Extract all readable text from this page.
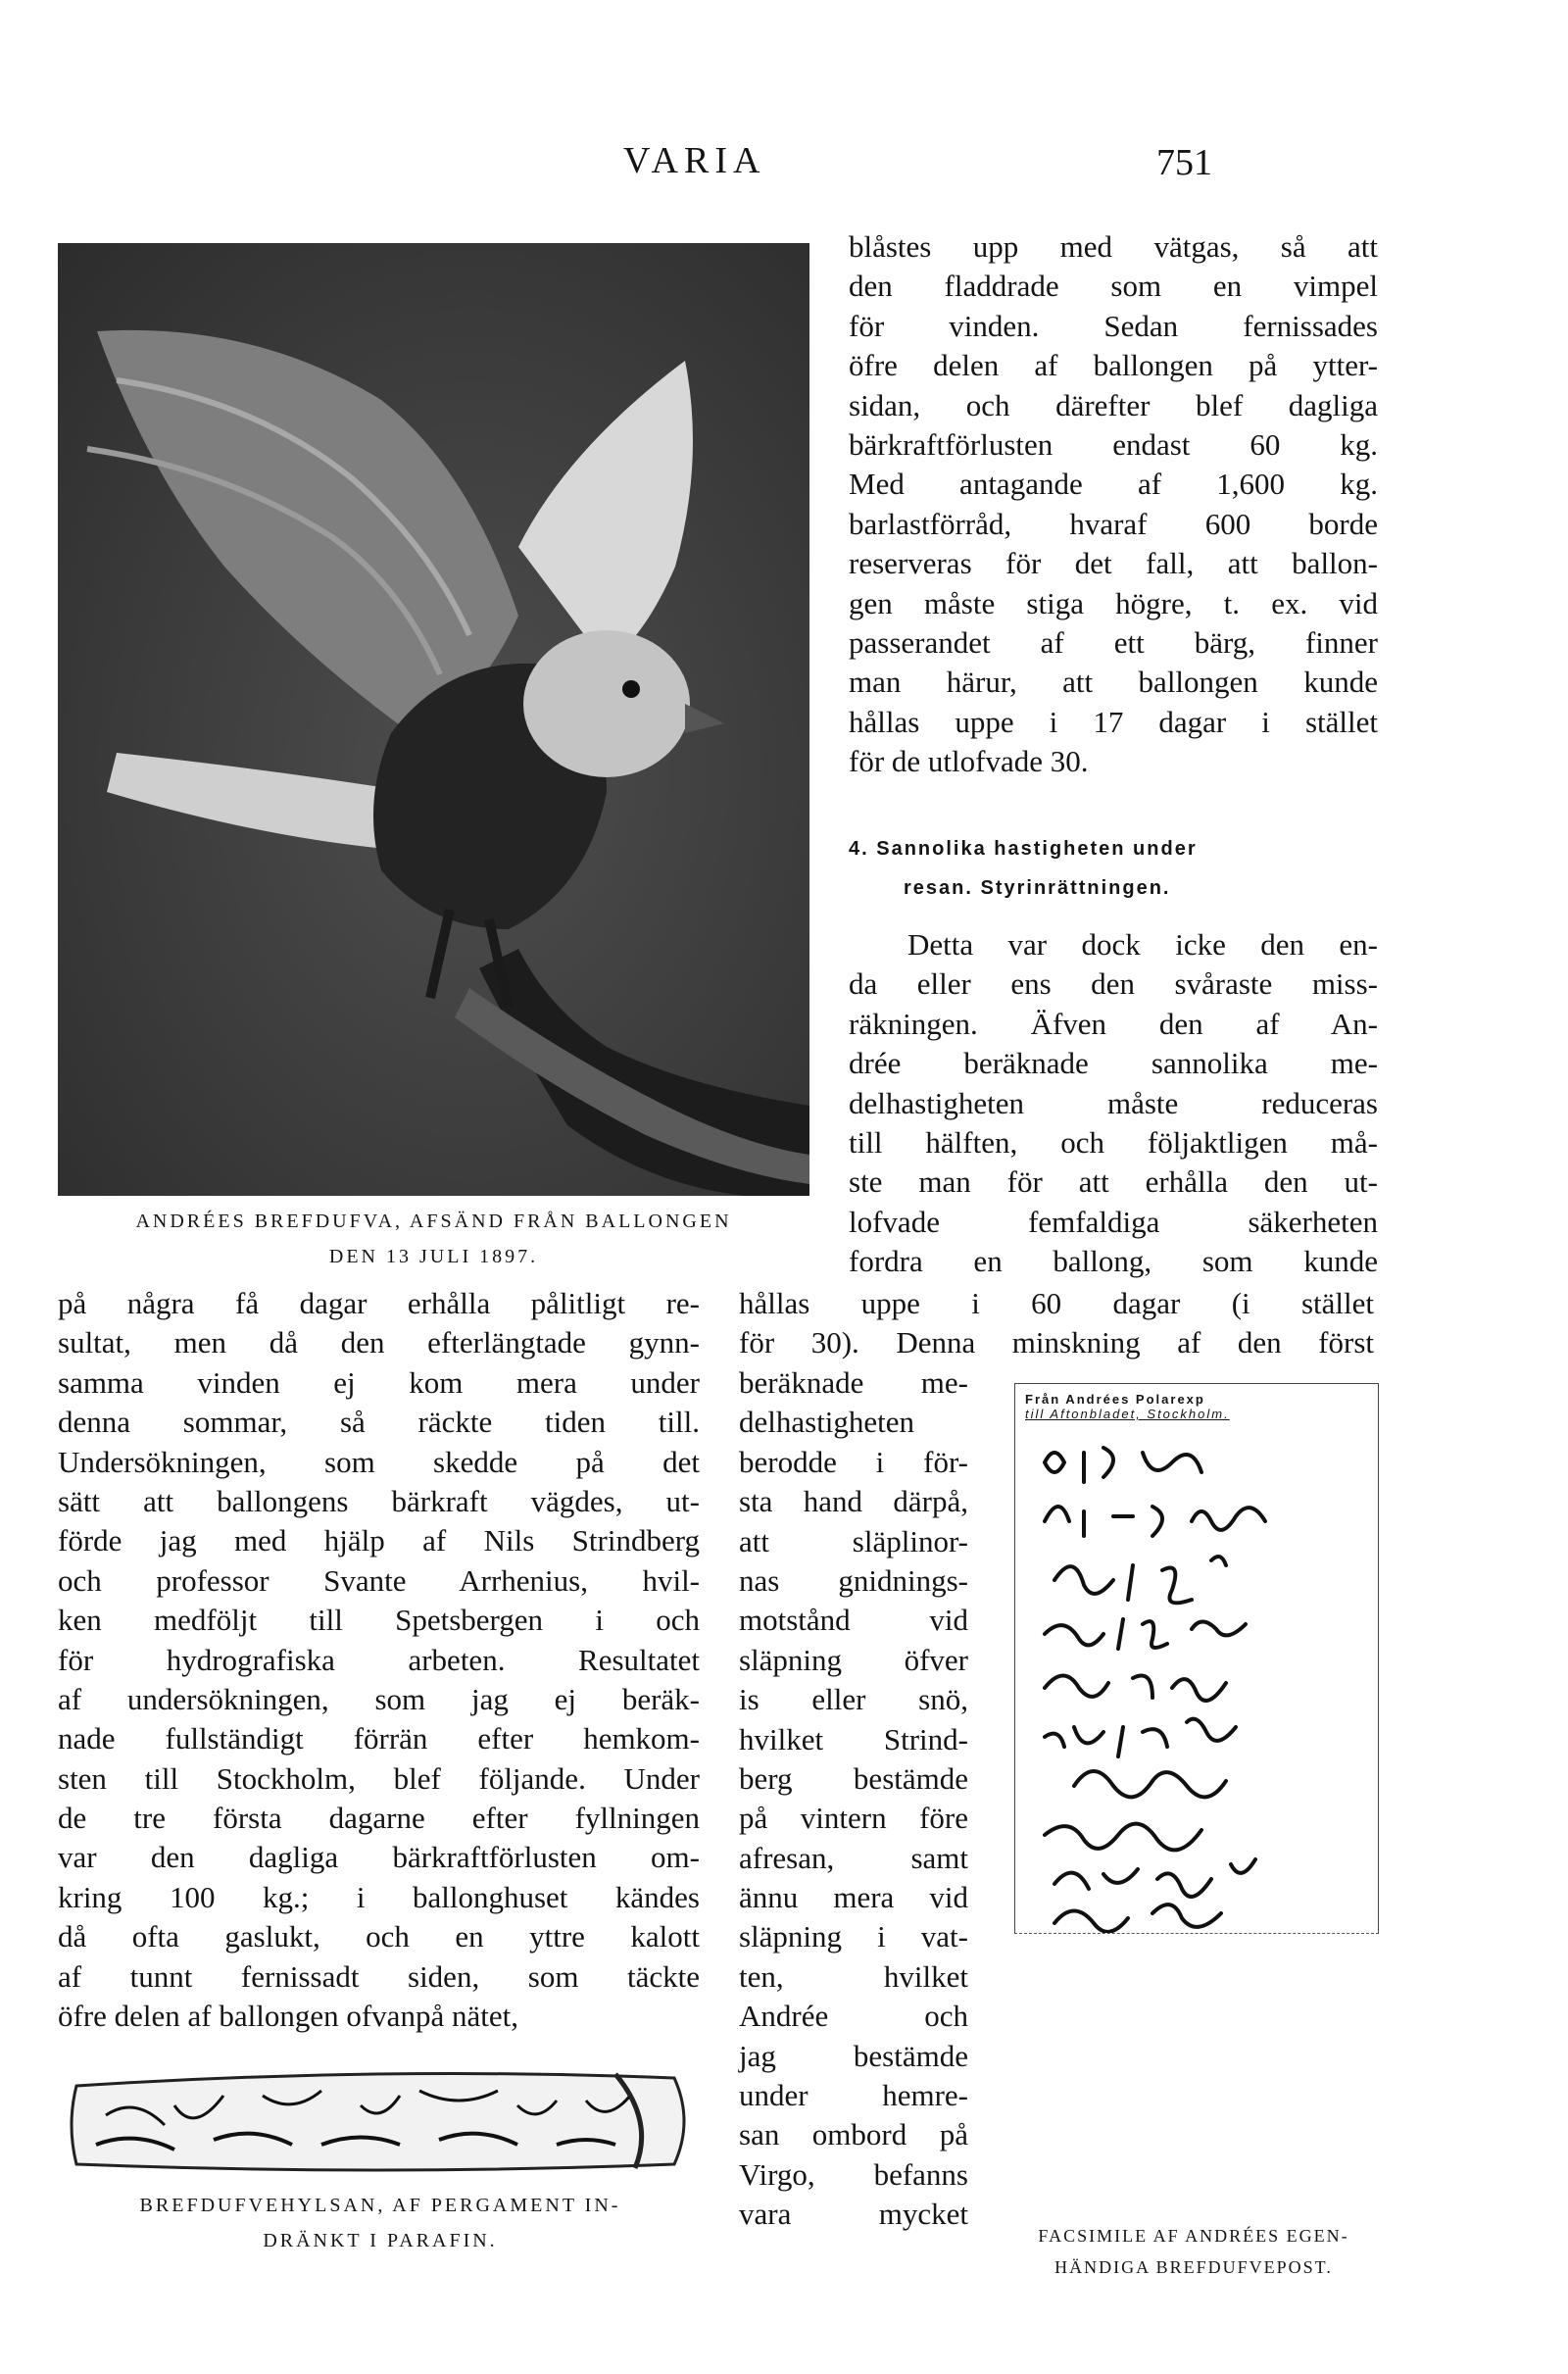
VARIA	751
ANDRÉES BREFDUFVA, AFSÄND FRÅN BALLONGEN
DEN 13 JULI 1897.
blåstes upp med vätgas, så att
den fladdrade som en vimpel
för vinden. Sedan fernissades
öfre delen af ballongen på ytter-
sidan, och därefter blef dagliga
bärkraftförlusten endast 60 kg.
Med antagande af 1,600 kg.
barlastförråd, hvaraf 600 borde
reserveras för det fall, att ballon-
gen måste stiga högre, t. ex. vid
passerandet af ett bärg, finner
man härur, att ballongen kunde
hållas uppe i 17 dagar i stället
för de utlofvade 30.
4. Sannolika hastigheten under
resan. Styrinrättningen.
Detta var dock icke den en-
da eller ens den svåraste miss-
räkningen. Äfven den af An-
drée beräknade sannolika me-
delhastigheten måste reduceras
till hälften, och följaktligen må-
ste man för att erhålla den ut-
lofvade femfaldiga säkerheten
fordra en ballong, som kunde
på några få dagar erhålla pålitligt re-
sultat, men då den efterlängtade gynn-
samma vinden ej kom mera under
denna sommar, så räckte tiden till.
Undersökningen, som skedde på det
sätt att ballongens bärkraft vägdes, ut-
förde jag med hjälp af Nils Strindberg
och professor Svante Arrhenius, hvil-
ken medföljt till Spetsbergen i och
för hydrografiska arbeten. Resultatet
af undersökningen, som jag ej beräk-
nade fullständigt förrän efter hemkom-
sten till Stockholm, blef följande. Under
de tre första dagarne efter fyllningen
var den dagliga bärkraftförlusten om-
kring 100 kg.; i ballonghuset kändes
då ofta gaslukt, och en yttre kalott
af tunnt fernissadt siden, som täckte
öfre delen af ballongen ofvanpå nätet,
hållas uppe i 60 dagar (i stället
för 30). Denna minskning af den först
beräknade me-
delhastigheten
berodde i för-
sta hand därpå,
att släplinor-
nas gnidnings-
motstånd vid
släpning öfver
is eller snö,
hvilket Strind-
berg bestämde
på vintern före
afresan, samt
ännu mera vid
släpning i vat-
ten, hvilket
Andrée och
jag bestämde
under hemre-
san ombord på
Virgo, befanns
vara mycket
Från Andrées Polarexp
till Aftonbladet, Stockholm.
BREFDUFVEHYLSAN, AF PERGAMENT IN-
DRÄNKT I PARAFIN.	FACSIMILE AF ANDRÉES EGEN-
HÄNDIGA BREFDUFVEPOST.
